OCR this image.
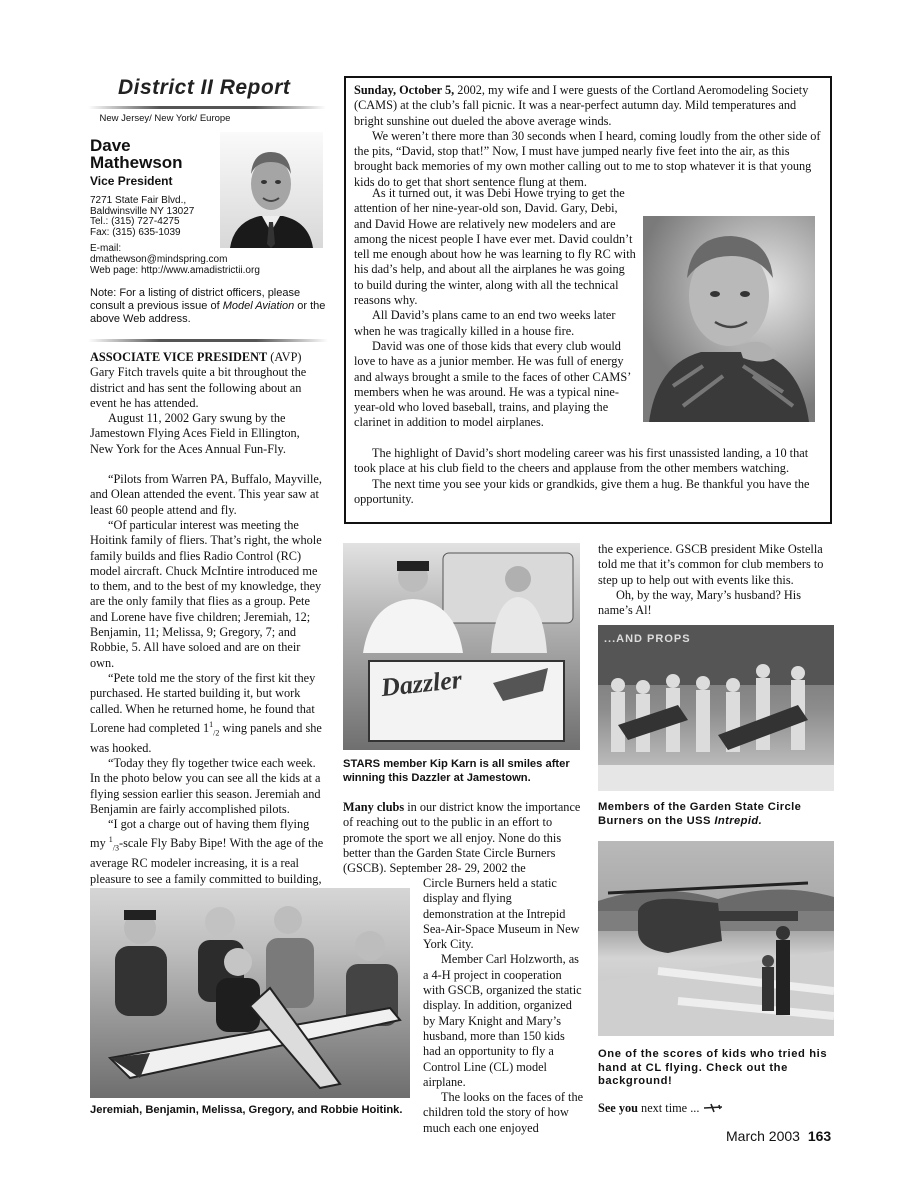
District II Report
New Jersey/ New York/ Europe
Dave
Mathewson
Vice President
7271 State Fair Blvd.,
Baldwinsville NY 13027
Tel.: (315) 727-4275
Fax: (315) 635-1039
E-mail:
dmathewson@mindspring.com
Web page: http://www.amadistrictii.org
Note: For a listing of district officers, please consult a previous issue of Model Aviation or the above Web address.

Sunday, October 5, 2002, my wife and I were guests of the Cortland Aeromodeling Society (CAMS) at the club’s fall picnic. It was a near-perfect autumn day. Mild temperatures and bright sunshine out dueled the above average winds.

We weren’t there more than 30 seconds when I heard, coming loudly from the other side of the pits, “David, stop that!” Now, I must have jumped nearly five feet into the air, as this brought back memories of my own mother calling out to me to stop whatever it is that young kids do to get that short sentence flung at them.

As it turned out, it was Debi Howe trying to get the attention of her nine-year-old son, David. Gary, Debi, and David Howe are relatively new modelers and are among the nicest people I have ever met. David couldn’t tell me enough about how he was learning to fly RC with his dad’s help, and about all the airplanes he was going to build during the winter, along with all the technical reasons why.

All David’s plans came to an end two weeks later when he was tragically killed in a house fire.

David was one of those kids that every club would love to have as a junior member. He was full of energy and always brought a smile to the faces of other CAMS’ members when he was around. He was a typical nine-year-old who loved baseball, trains, and playing the clarinet in addition to model airplanes.

The highlight of David’s short modeling career was his first unassisted landing, a 10 that took place at his club field to the cheers and applause from the other members watching.

The next time you see your kids or grandkids, give them a hug. Be thankful you have the opportunity.

ASSOCIATE VICE PRESIDENT (AVP) Gary Fitch travels quite a bit throughout the district and has sent the following about an event he has attended.

August 11, 2002 Gary swung by the Jamestown Flying Aces Field in Ellington, New York for the Aces Annual Fun-Fly.

“Pilots from Warren PA, Buffalo, Mayville, and Olean attended the event. This year saw at least 60 people attend and fly.

“Of particular interest was meeting the Hoitink family of fliers. That’s right, the whole family builds and flies Radio Control (RC) model aircraft. Chuck McIntire introduced me to them, and to the best of my knowledge, they are the only family that flies as a group. Pete and Lorene have five children; Jeremiah, 12; Benjamin, 11; Melissa, 9; Gregory, 7; and Robbie, 5. All have soloed and are on their own.

“Pete told me the story of the first kit they purchased. He started building it, but work called. When he returned home, he found that Lorene had completed $1^1_{/2}$ wing panels and she was hooked.

“Today they fly together twice each week. In the photo below you can see all the kids at a flying session earlier this season. Jeremiah and Benjamin are fairly accomplished pilots.

“I got a charge out of having them flying my $^1_{/3}$-scale Fly Baby Bipe! With the age of the average RC modeler increasing, it is a real pleasure to see a family committed to building,

Jeremiah, Benjamin, Melissa, Gregory, and Robbie Hoitink.
Dazzler
STARS member Kip Karn is all smiles after winning this Dazzler at Jamestown.

Many clubs in our district know the importance of reaching out to the public in an effort to promote the sport we all enjoy. None do this better than the Garden State Circle Burners (GSCB). September 28- 29, 2002 the

Circle Burners held a static display and flying demonstration at the Intrepid Sea-Air-Space Museum in New York City.

Member Carl Holzworth, as a 4-H project in cooperation with GSCB, organized the static display. In addition, organized by Mary Knight and Mary’s husband, more than 150 kids had an opportunity to fly a Control Line (CL) model airplane.

The looks on the faces of the children told the story of how much each one enjoyed

the experience. GSCB president Mike Ostella told me that it’s common for club members to step up to help out with events like this.

Oh, by the way, Mary’s husband? His name’s Al!

...AND PROPS
Members of the Garden State Circle Burners on the USS Intrepid.
One of the scores of kids who tried his hand at CL flying. Check out the background!
See you next time ...
March 2003 163
